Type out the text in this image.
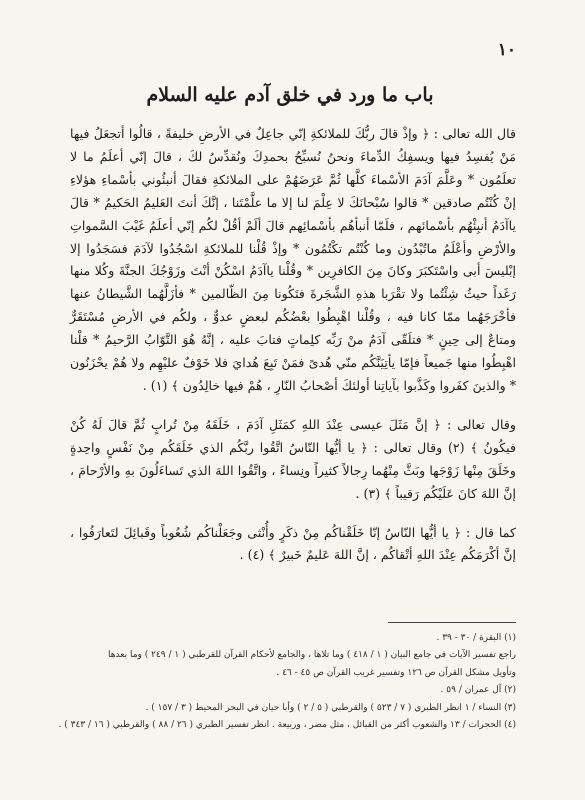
١٠
باب ما ورد في خلق آدم عليه السلام

قال الله تعالى : ﴿ وإذْ قالَ ربُّكَ للملائكةِ إنّي جاعِلٌ في الأرضِ خليفةً ، قالُوا أتجعَلُ فيها مَنْ يُفسِدُ فيها ويسفِكُ الدِّماءَ ونحنُ نُسبِّحُ بحمدِكَ ونُقدِّسُ لكَ ، قالَ إنّي أعلَمُ ما لا تعلَمُون * وعَلَّمَ آدَمَ الأسْماءَ كلَّها ثُمَّ عَرَضَهُمْ على الملائكةِ فقالَ أنبئُوني بأسْماءِ هؤلاءِ إنْ كُنْتُم صادقين * قالوا سُبْحانَكَ لا عِلْمَ لنا إلا ما علَّمْتَنا ، إنَّكَ أنتَ العَليمُ الحَكيمُ * قالَ ياآدَمُ أنبِئْهُم بأسْمائهم ، فلَمّا أنبأهُم بأسْمائِهم قالَ ألَمْ أقُلْ لكُم إنّي أعلَمُ غَيْبَ السَّمواتِ والأرْضِ وأعْلَمُ ماتُبْدُون وما كُنْتُم تكْتُمُون * وإذْ قُلْنا للملائكةِ اسْجُدُوا لآدَمَ فسَجَدُوا إلا إبْليسَ أبى واسْتَكبَرَ وكانَ مِنَ الكافرِين * وقُلْنا ياآدَمُ اسْكُنْ أنْتَ وزَوْجُكَ الجنَّةَ وكُلا منها رَغَداً حيثُ شِئْتُما ولا تقْرَبا هذهِ الشَّجَرةَ فتَكُونا مِنَ الظّالمين * فأزَلَّهُما الشَّيطانُ عنها فأخْرَجَهُما ممّا كانا فيه ، وقُلْنا اهْبِطُوا بعْضُكُم لبعضٍ عدوٌّ ، ولكُم في الأرضِ مُسْتَقَرٌّ ومتاعٌ إلى حِينٍ * فتلَقّى آدَمُ منْ رَبِّه كلِماتٍ فتابَ عليه ، إنَّهُ هُوَ التَّوّابُ الرَّحيمُ * قلْنا اهْبِطُوا منها جَميعاً فإمّا يأتِيَنَّكُم منّي هُدىً فمَنْ تَبِعَ هُدايَ فلا خَوْفٌ عليْهِم ولا هُمْ يحْزَنُون * والذينَ كفَروا وكَذَّبوا بآياتِنا أولئكَ أصْحابُ النّارِ ، هُمْ فيها خالِدُون ﴾ (١) .

وقال تعالى : ﴿ إنَّ مَثَلَ عيسى عِنْدَ اللهِ كمَثَلِ آدَمَ ، خَلَقَهُ مِنْ تُرابٍ ثُمَّ قالَ لَهُ كُنْ فيكُونُ ﴾ (٢) وقال تعالى : ﴿ يا أيُّها النّاسُ اتَّقُوا ربَّكُم الذي خَلَقَكُم مِنْ نَفْسٍ واحِدةٍ وخَلَقَ مِنْها زَوْجَها وبَثَّ مِنْهُما رِجالاً كثيراً ونِساءً ، واتَّقُوا اللهَ الذي تَساءَلُونَ بهِ والأرْحامَ ، إنَّ اللهَ كانَ عَلَيْكُم رَقيباً ﴾ (٣) .

كما قال : ﴿ يا أيُّها النّاسُ إنّا خَلَقْناكُم مِنْ ذكَرٍ وأُنْثى وجَعَلْناكُم شُعُوباً وقَبائِلَ لتَعارَفُوا ، إنَّ أكْرَمَكُم عِنْدَ اللهِ أتْقاكُم ، إنَّ اللهَ عَليمٌ خَبيرٌ ﴾ (٤) .

(١) البقرة / ٣٠ - ٣٩ .
راجع تفسير الآيات في جامع البيان ( ١ / ٤١٨ ) وما تلاها ، والجامع لأحكام القرآن للقرطبي ( ١ / ٢٤٩ ) وما بعدها
وتأويل مشكل القرآن ص ١٢٦ وتفسير غريب القرآن ص ٤٥ - ٤٦ .
(٢) آل عمران / ٥٩ .
(٣) النساء / ١ انظر الطبري ( ٧ / ٥٢٣ ) والقرطبي ( ٥ / ٢ ) وأبا حيان في البحر المحيط ( ٣ / ١٥٧ ) .
(٤) الحجرات / ١٣ والشعوب أكثر من القبائل ، مثل مضر ، وربيعة . انظر تفسير الطبري ( ٢٦ / ٨٨ ) والقرطبي ( ١٦ / ٣٤٣ ) .
